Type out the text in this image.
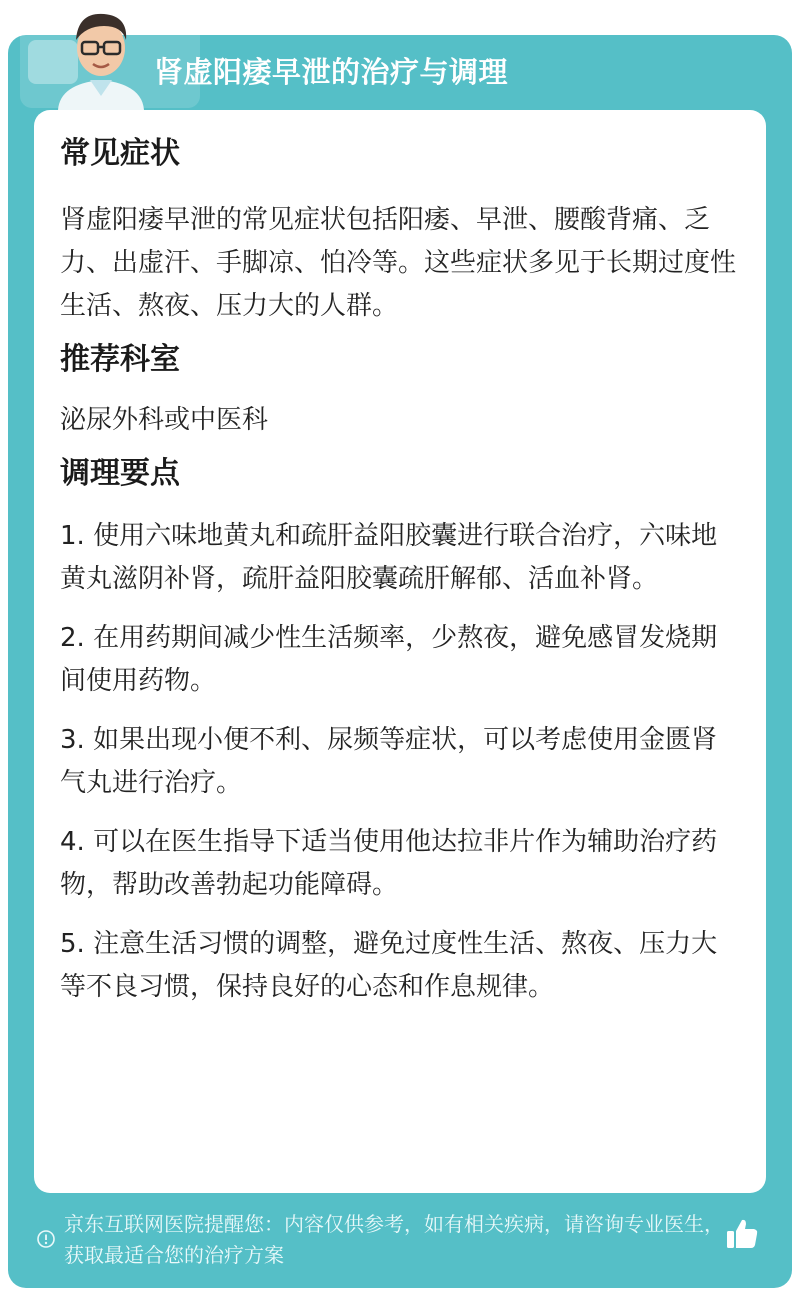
肾虚阳痿早泄的治疗与调理
常见症状

肾虚阳痿早泄的常见症状包括阳痿、早泄、腰酸背痛、乏力、出虚汗、手脚凉、怕冷等。这些症状多见于长期过度性生活、熬夜、压力大的人群。

推荐科室

泌尿外科或中医科

调理要点
1. 使用六味地黄丸和疏肝益阳胶囊进行联合治疗，六味地黄丸滋阴补肾，疏肝益阳胶囊疏肝解郁、活血补肾。
2. 在用药期间减少性生活频率，少熬夜，避免感冒发烧期间使用药物。
3. 如果出现小便不利、尿频等症状，可以考虑使用金匮肾气丸进行治疗。
4. 可以在医生指导下适当使用他达拉非片作为辅助治疗药物，帮助改善勃起功能障碍。
5. 注意生活习惯的调整，避免过度性生活、熬夜、压力大等不良习惯，保持良好的心态和作息规律。
京东互联网医院提醒您：内容仅供参考，如有相关疾病，请咨询专业医生，获取最适合您的治疗方案
